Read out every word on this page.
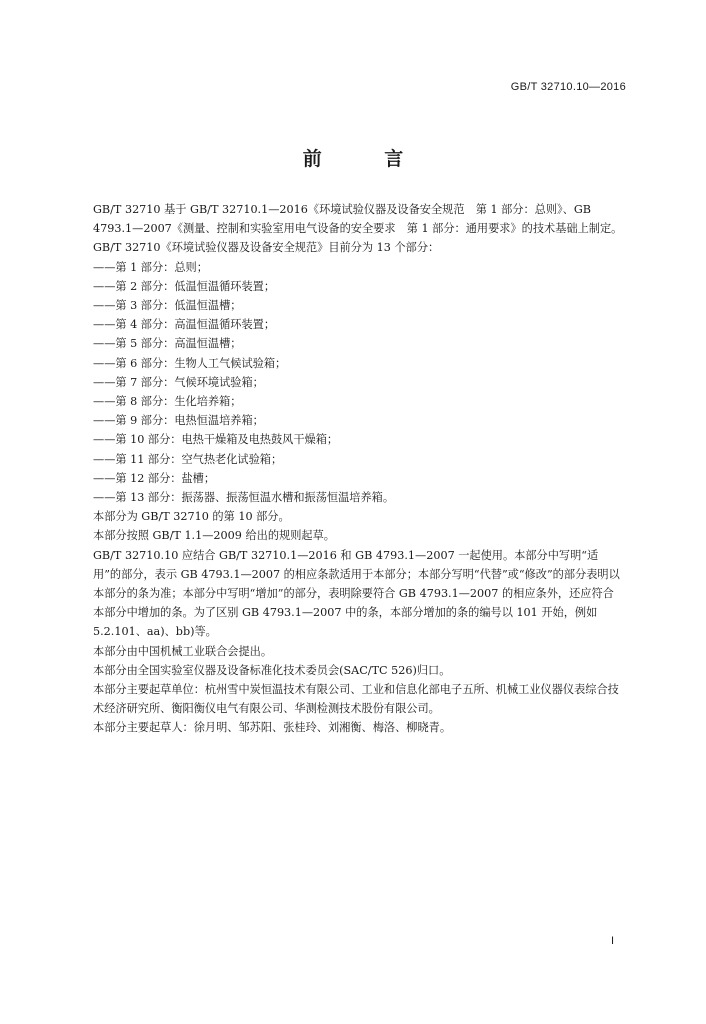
GB/T 32710.10—2016
前 言

GB/T 32710 基于 GB/T 32710.1—2016《环境试验仪器及设备安全规范　第 1 部分：总则》、GB 4793.1—2007《测量、控制和实验室用电气设备的安全要求　第 1 部分：通用要求》的技术基础上制定。

GB/T 32710《环境试验仪器及设备安全规范》目前分为 13 个部分：

——第 1 部分：总则；

——第 2 部分：低温恒温循环装置；

——第 3 部分：低温恒温槽；

——第 4 部分：高温恒温循环装置；

——第 5 部分：高温恒温槽；

——第 6 部分：生物人工气候试验箱；

——第 7 部分：气候环境试验箱；

——第 8 部分：生化培养箱；

——第 9 部分：电热恒温培养箱；

——第 10 部分：电热干燥箱及电热鼓风干燥箱；

——第 11 部分：空气热老化试验箱；

——第 12 部分：盐槽；

——第 13 部分：振荡器、振荡恒温水槽和振荡恒温培养箱。

本部分为 GB/T 32710 的第 10 部分。

本部分按照 GB/T 1.1—2009 给出的规则起草。

GB/T 32710.10 应结合 GB/T 32710.1—2016 和 GB 4793.1—2007 一起使用。本部分中写明“适用”的部分，表示 GB 4793.1—2007 的相应条款适用于本部分；本部分写明“代替”或“修改”的部分表明以本部分的条为准；本部分中写明“增加”的部分，表明除要符合 GB 4793.1—2007 的相应条外，还应符合本部分中增加的条。为了区别 GB 4793.1—2007 中的条，本部分增加的条的编号以 101 开始，例如 5.2.101、aa)、bb)等。

本部分由中国机械工业联合会提出。

本部分由全国实验室仪器及设备标准化技术委员会(SAC/TC 526)归口。

本部分主要起草单位：杭州雪中炭恒温技术有限公司、工业和信息化部电子五所、机械工业仪器仪表综合技术经济研究所、衡阳衡仪电气有限公司、华测检测技术股份有限公司。

本部分主要起草人：徐月明、邹苏阳、张桂玲、刘湘衡、梅洛、柳晓青。

I
